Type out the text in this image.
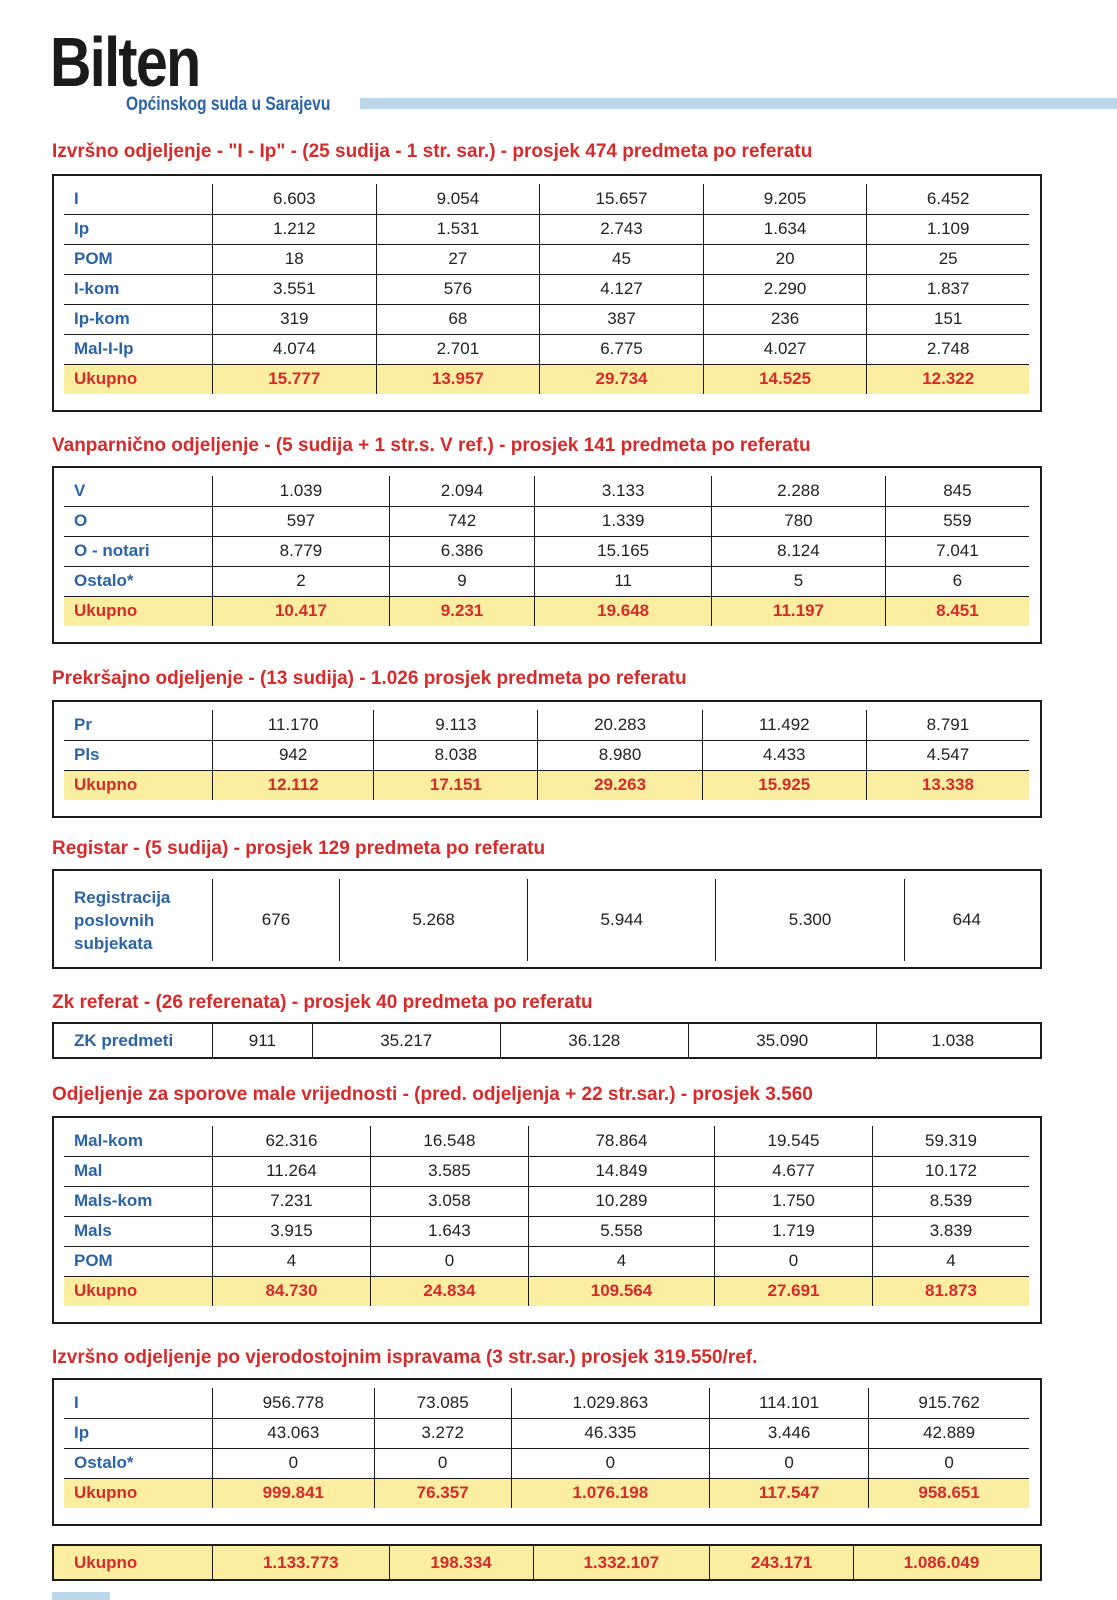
Bilten
Općinskog suda u Sarajevu
Izvršno odjeljenje - "I - Ip" - (25 sudija - 1 str. sar.) - prosjek 474 predmeta po referatu
I	6.603	9.054	15.657	9.205	6.452
Ip	1.212	1.531	2.743	1.634	1.109
POM	18	27	45	20	25
I-kom	3.551	576	4.127	2.290	1.837
Ip-kom	319	68	387	236	151
Mal-I-Ip	4.074	2.701	6.775	4.027	2.748
Ukupno	15.777	13.957	29.734	14.525	12.322
Vanparnično odjeljenje - (5 sudija + 1 str.s. V ref.) - prosjek 141 predmeta po referatu
V	1.039	2.094	3.133	2.288	845
O	597	742	1.339	780	559
O - notari	8.779	6.386	15.165	8.124	7.041
Ostalo*	2	9	11	5	6
Ukupno	10.417	9.231	19.648	11.197	8.451
Prekršajno odjeljenje - (13 sudija) - 1.026 prosjek predmeta po referatu
Pr	11.170	9.113	20.283	11.492	8.791
Pls	942	8.038	8.980	4.433	4.547
Ukupno	12.112	17.151	29.263	15.925	13.338
Registar - (5 sudija) - prosjek 129 predmeta po referatu
Registracija
poslovnih
subjekata	676	5.268	5.944	5.300	644
Zk referat - (26 referenata) - prosjek 40 predmeta po referatu
ZK predmeti	911	35.217	36.128	35.090	1.038
Odjeljenje za sporove male vrijednosti - (pred. odjeljenja + 22 str.sar.) - prosjek 3.560
Mal-kom	62.316	16.548	78.864	19.545	59.319
Mal	11.264	3.585	14.849	4.677	10.172
Mals-kom	7.231	3.058	10.289	1.750	8.539
Mals	3.915	1.643	5.558	1.719	3.839
POM	4	0	4	0	4
Ukupno	84.730	24.834	109.564	27.691	81.873
Izvršno odjeljenje po vjerodostojnim ispravama (3 str.sar.) prosjek 319.550/ref.
I	956.778	73.085	1.029.863	114.101	915.762
Ip	43.063	3.272	46.335	3.446	42.889
Ostalo*	0	0	0	0	0
Ukupno	999.841	76.357	1.076.198	117.547	958.651
Ukupno	1.133.773	198.334	1.332.107	243.171	1.086.049
